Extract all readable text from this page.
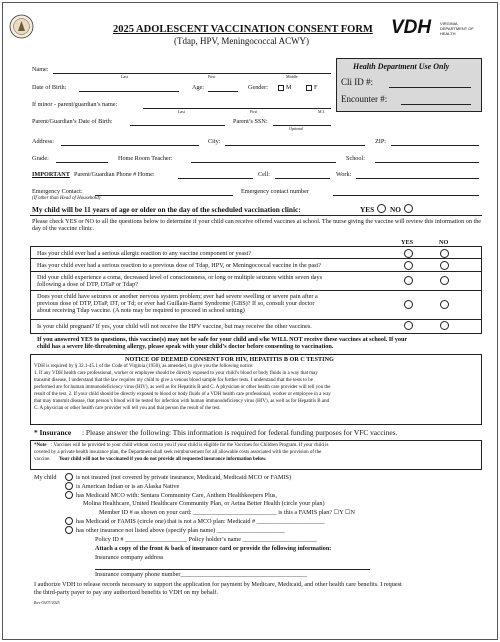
2025 ADOLESCENT VACCINATION CONSENT FORM
(Tdap, HPV, Meningococcal ACWY)
VDH VIRGINIA DEPARTMENT OF HEALTH
Health Department Use Only
Cli ID #:
Encounter #:
Name:
Last	First	Middle
Date of Birth:	Age:	Gender:	M	F
If minor - parent/guardian’s name:
Last	First	M.I.
Parent/Guardian’s Date of Birth:	Parent’s SSN:
Optional
Address:	City:	ZIP:
Grade:	Home Room Teacher:	School:
IMPORTANT Parent/Guardian Phone # Home:	Cell:	Work:
Emergency Contact:
(If other than Head of Household)
Emergency contact number
My child will be 11 years of age or older on the day of the scheduled vaccination clinic:	YES NO
Please check YES or NO to all the questions below to determine if your child can receive offered vaccines at school. The nurse giving the vaccine will review this information on the day of the vaccine clinic.
YES	NO
Has your child ever had a serious allergic reaction to any vaccine component or yeast?
Has your child ever had a serious reaction to a previous dose of Tdap, HPV, or Meningococcal vaccine in the past?
Did your child experience a coma, decreased level of consciousness, or long or multiple seizures within seven days
following a dose of DTP, DTaP or Tdap?
Does your child have seizures or another nervous system problem; ever had severe swelling or severe pain after a
previous dose of DTP, DTaP, DT, or Td; or ever had Guillain-Barré Syndrome (GBS)? If so, consult your doctor
about receiving Tdap vaccine. (A note may be required to proceed in school setting)
Is your child pregnant? If yes, your child will not receive the HPV vaccine, but may receive the other vaccines.
If you answered YES to questions, this vaccine(s) may not be safe for your child and s/he WILL NOT receive these vaccines at school. If your
child has a severe life-threatening allergy, please speak with your child’s doctor before consenting to vaccination.
NOTICE OF DEEMED CONSENT FOR HIV, HEPATITIS B OR C TESTING
VDH is required by § 32.1-45.1 of the Code of Virginia (1950), as amended, to give you the following notice:
1. If any VDH health care professional, worker or employee should be directly exposed to your child’s blood or body fluids in a way that may
transmit disease, I understand that the law requires my child to give a venous blood sample for further tests. I understand that the tests to be
performed are for human immunodeficiency virus (HIV), as well as for Hepatitis B and C. A physician or other health care provider will tell you the
result of the test. 2. If your child should be directly exposed to blood or body fluids of a VDH health care professional, worker or employee in a way
that may transmit disease, that person’s blood will be tested for infection with human immunodeficiency virus (HIV), as well as for Hepatitis B and
C. A physician or other health care provider will tell you and that person the result of the test.
* Insurance : Please answer the following: This information is required for federal funding purposes for VFC vaccines.
*Note : Vaccines will be provided to your child without cost to you if your child is eligible for the Vaccines for Children Program. If your child is
covered by a private health insurance plan, the Department shall seek reimbursement for all allowable costs associated with the provision of the
vaccine. Your child will not be vaccinated if you do not provide all requested insurance information below.
My child	is not insured (not covered by private insurance, Medicaid, Medicaid MCO or FAMIS)
is American Indian or is an Alaska Native
has Medicaid MCO with: Sentara Community Care, Anthem Healthkeepers Plus,
Molina Healthcare, United Healthcare Community Plan, or Aetna Better Health (circle your plan)
Member ID # as shown on your card: ___________________________ is this a FAMIS plan? ☐Y ☐N
has Medicaid or FAMIS (circle one) that is not a MCO plan: Medicaid # ______________________
has other insurance not listed above (specify plan name) ______________________
Policy ID # ____________________ Policy holder’s name ________________________
Attach a copy of the front & back of insurance card or provide the following information:
Insurance company address
Insurance company phone number_________________________________________
I authorize VDH to release records necessary to support the application for payment by Medicare, Medicaid, and other health care benefits. I request
the third-party payer to pay any authorized benefits to VDH on my behalf.
Rev 03/07/2025
